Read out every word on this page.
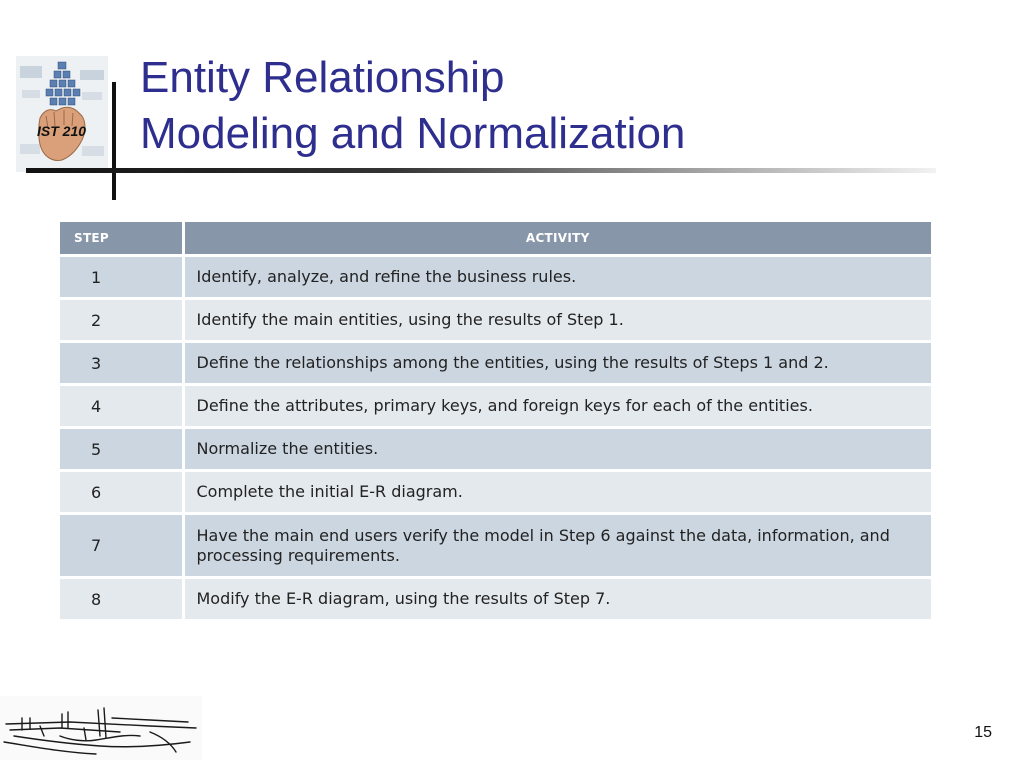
IST 210
Entity Relationship
Modeling and Normalization
STEP	ACTIVITY
1	Identify, analyze, and refine the business rules.
2	Identify the main entities, using the results of Step 1.
3	Define the relationships among the entities, using the results of Steps 1 and 2.
4	Define the attributes, primary keys, and foreign keys for each of the entities.
5	Normalize the entities.
6	Complete the initial E-R diagram.
7	Have the main end users verify the model in Step 6 against the data, information, and processing requirements.
8	Modify the E-R diagram, using the results of Step 7.
15
